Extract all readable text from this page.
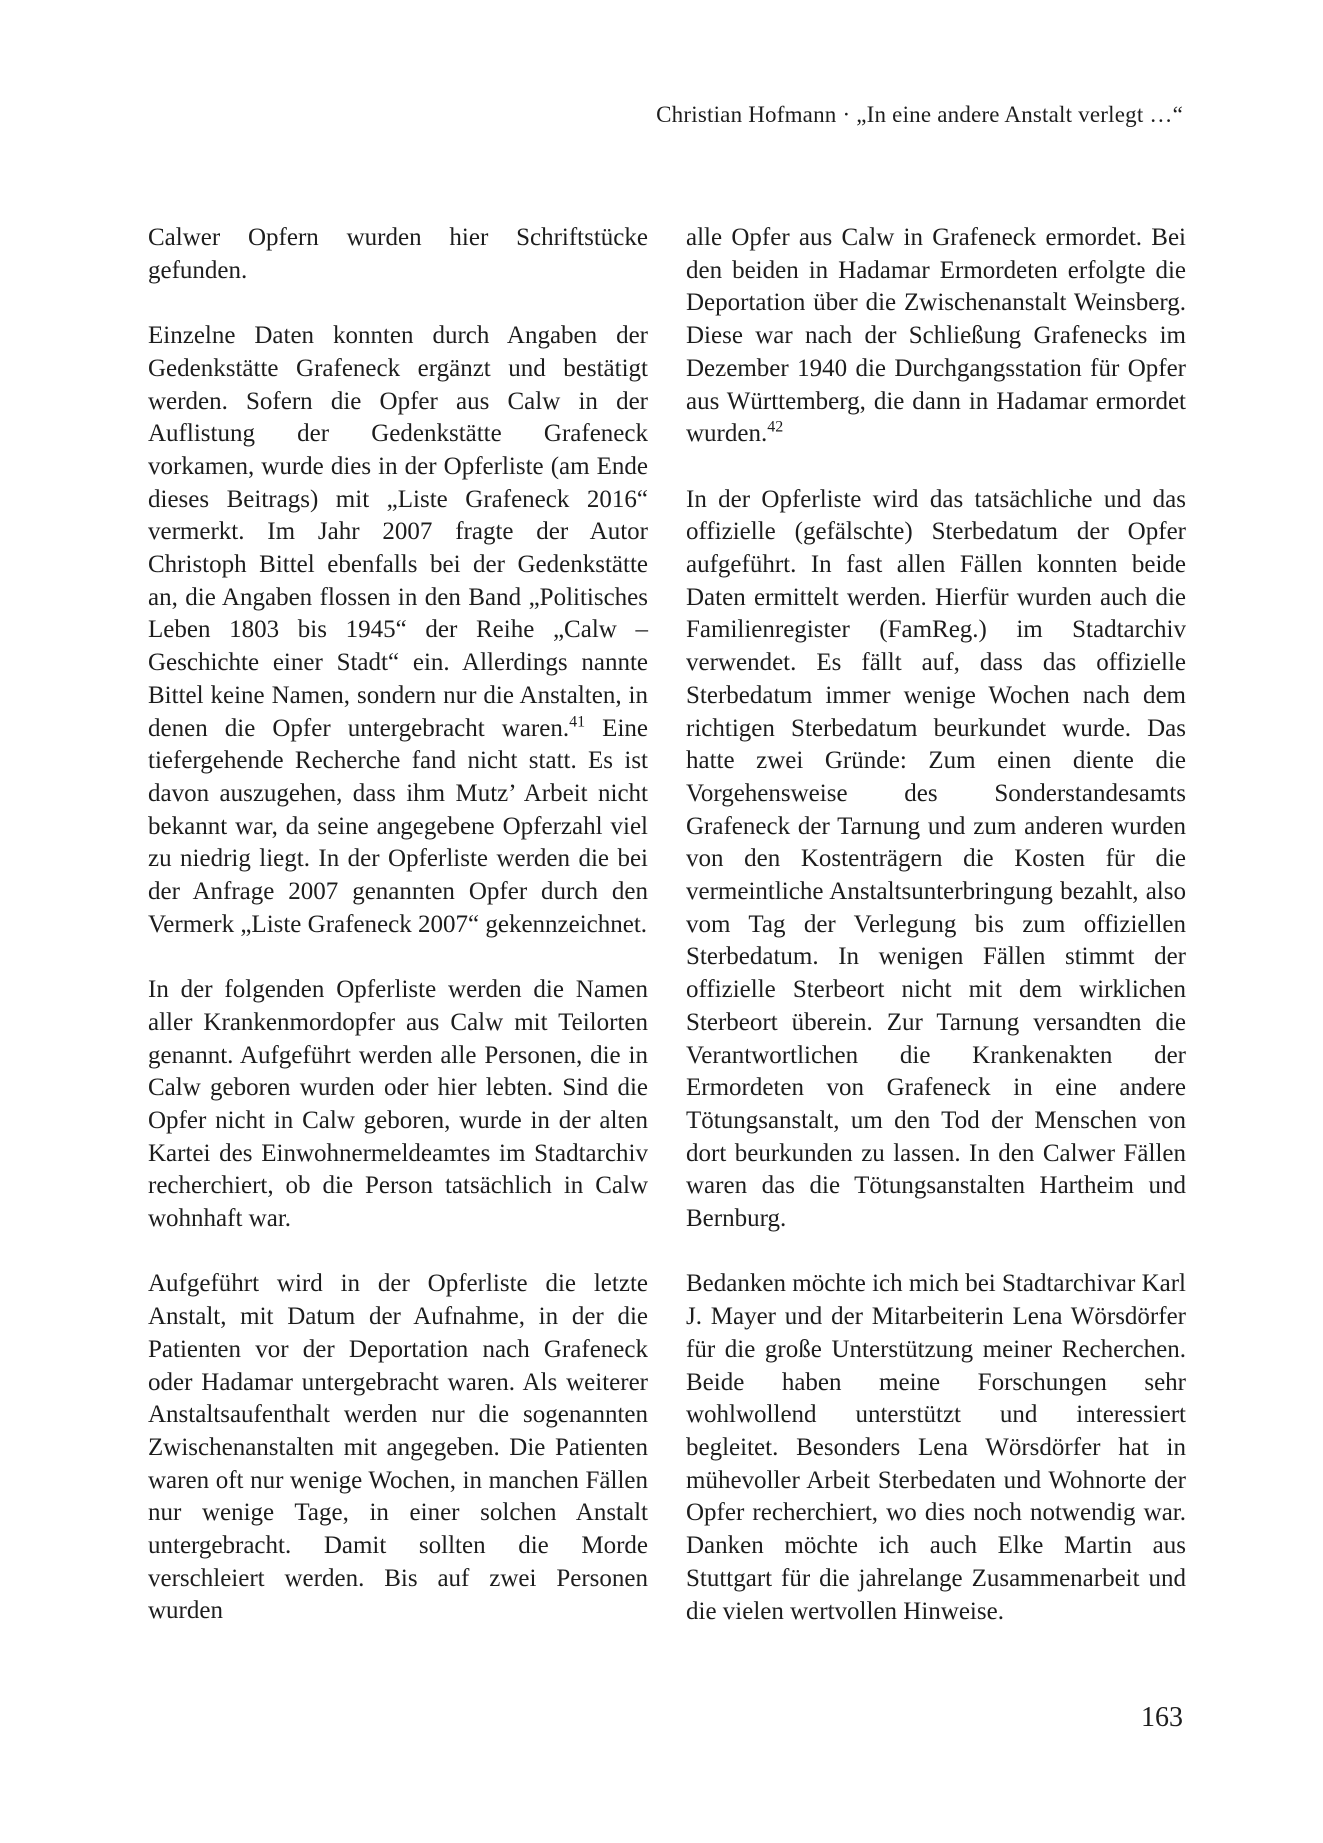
Christian Hofmann · „In eine andere Anstalt verlegt …“

Calwer Opfern wurden hier Schriftstücke gefunden.

Einzelne Daten konnten durch Angaben der Gedenkstätte Grafeneck ergänzt und bestätigt werden. Sofern die Opfer aus Calw in der Auflistung der Gedenkstätte Grafeneck vorkamen, wurde dies in der Opferliste (am Ende dieses Beitrags) mit „Liste Grafeneck 2016“ vermerkt. Im Jahr 2007 fragte der Autor Christoph Bittel ebenfalls bei der Gedenkstätte an, die Angaben flossen in den Band „Politisches Leben 1803 bis 1945“ der Reihe „Calw – Geschichte einer Stadt“ ein. Allerdings nannte Bittel keine Namen, sondern nur die Anstalten, in denen die Opfer untergebracht waren.$^{41}$ Eine tiefergehende Recherche fand nicht statt. Es ist davon auszugehen, dass ihm Mutz’ Arbeit nicht bekannt war, da seine angegebene Opferzahl viel zu niedrig liegt. In der Opferliste werden die bei der Anfrage 2007 genannten Opfer durch den Vermerk „Liste Grafeneck 2007“ gekennzeichnet.

In der folgenden Opferliste werden die Namen aller Krankenmordopfer aus Calw mit Teilorten genannt. Aufgeführt werden alle Personen, die in Calw geboren wurden oder hier lebten. Sind die Opfer nicht in Calw geboren, wurde in der alten Kartei des Einwohnermeldeamtes im Stadtarchiv recherchiert, ob die Person tatsächlich in Calw wohnhaft war.

Aufgeführt wird in der Opferliste die letzte Anstalt, mit Datum der Aufnahme, in der die Patienten vor der Deportation nach Grafeneck oder Hadamar untergebracht waren. Als weiterer Anstaltsaufenthalt werden nur die sogenannten Zwischenanstalten mit angegeben. Die Patienten waren oft nur wenige Wochen, in manchen Fällen nur wenige Tage, in einer solchen Anstalt untergebracht. Damit sollten die Morde verschleiert werden. Bis auf zwei Personen wurden

alle Opfer aus Calw in Grafeneck ermordet. Bei den beiden in Hadamar Ermordeten erfolgte die Deportation über die Zwischenanstalt Weinsberg. Diese war nach der Schließung Grafenecks im Dezember 1940 die Durchgangsstation für Opfer aus Württemberg, die dann in Hadamar ermordet wurden.$^{42}$

In der Opferliste wird das tatsächliche und das offizielle (gefälschte) Sterbedatum der Opfer aufgeführt. In fast allen Fällen konnten beide Daten ermittelt werden. Hierfür wurden auch die Familienregister (FamReg.) im Stadtarchiv verwendet. Es fällt auf, dass das offizielle Sterbedatum immer wenige Wochen nach dem richtigen Sterbedatum beurkundet wurde. Das hatte zwei Gründe: Zum einen diente die Vorgehensweise des Sonderstandesamts Grafeneck der Tarnung und zum anderen wurden von den Kostenträgern die Kosten für die vermeintliche Anstaltsunterbringung bezahlt, also vom Tag der Verlegung bis zum offiziellen Sterbedatum. In wenigen Fällen stimmt der offizielle Sterbeort nicht mit dem wirklichen Sterbeort überein. Zur Tarnung versandten die Verantwortlichen die Krankenakten der Ermordeten von Grafeneck in eine andere Tötungsanstalt, um den Tod der Menschen von dort beurkunden zu lassen. In den Calwer Fällen waren das die Tötungsanstalten Hartheim und Bernburg.

Bedanken möchte ich mich bei Stadtarchivar Karl J. Mayer und der Mitarbeiterin Lena Wörsdörfer für die große Unterstützung meiner Recherchen. Beide haben meine Forschungen sehr wohlwollend unterstützt und interessiert begleitet. Besonders Lena Wörsdörfer hat in mühevoller Arbeit Sterbedaten und Wohnorte der Opfer recherchiert, wo dies noch notwendig war. Danken möchte ich auch Elke Martin aus Stuttgart für die jahrelange Zusammenarbeit und die vielen wertvollen Hinweise.

163
